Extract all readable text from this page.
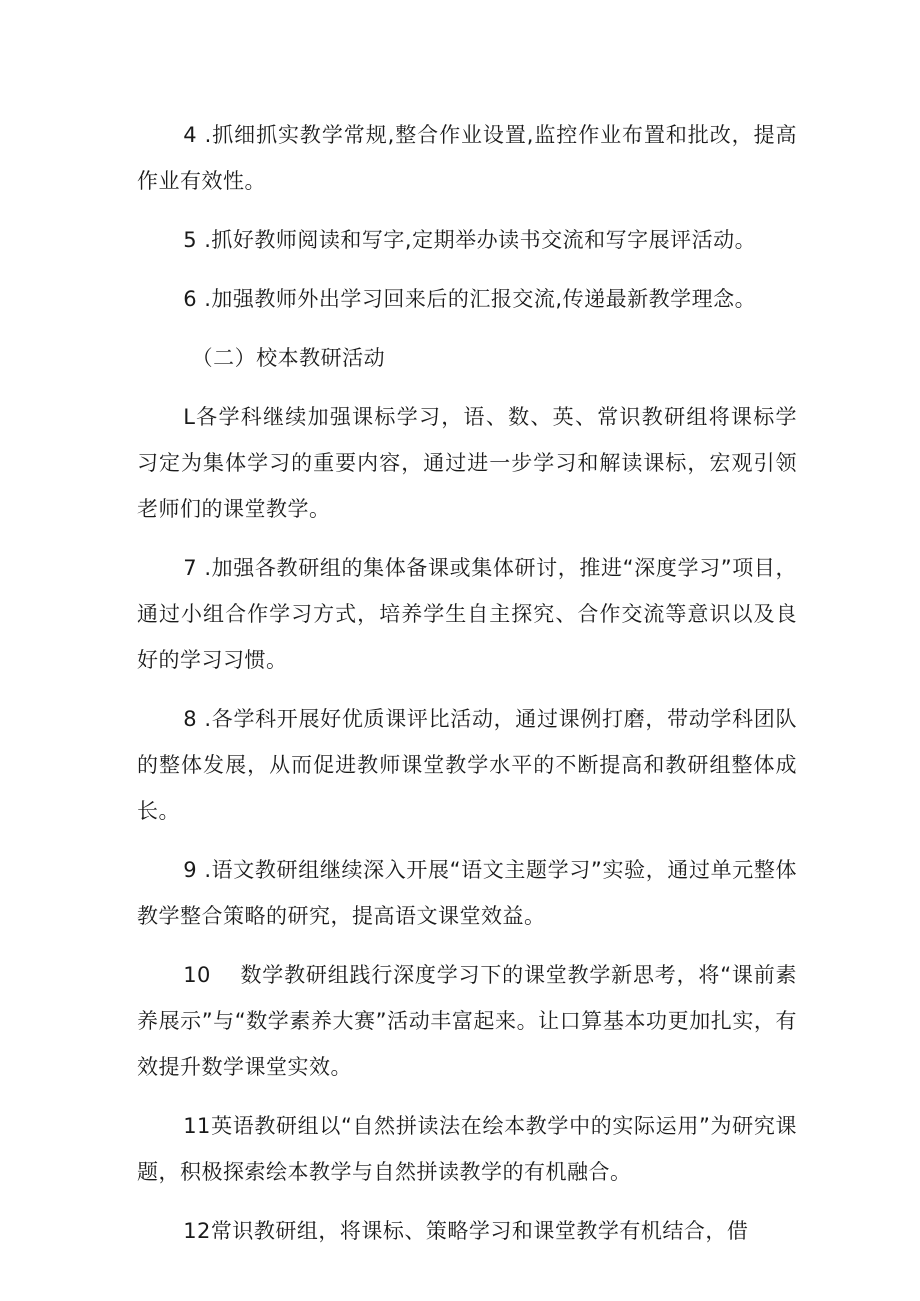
4 .抓细抓实教学常规,整合作业设置,监控作业布置和批改，提高作业有效性。

5 .抓好教师阅读和写字,定期举办读书交流和写字展评活动。

6 .加强教师外出学习回来后的汇报交流,传递最新教学理念。

（二）校本教研活动

L各学科继续加强课标学习，语、数、英、常识教研组将课标学习定为集体学习的重要内容，通过进一步学习和解读课标，宏观引领老师们的课堂教学。

7 .加强各教研组的集体备课或集体研讨，推进“深度学习”项目，通过小组合作学习方式，培养学生自主探究、合作交流等意识以及良好的学习习惯。

8 .各学科开展好优质课评比活动，通过课例打磨，带动学科团队的整体发展，从而促进教师课堂教学水平的不断提高和教研组整体成长。

9 .语文教研组继续深入开展“语文主题学习”实验，通过单元整体教学整合策略的研究，提高语文课堂效益。

10　 数学教研组践行深度学习下的课堂教学新思考，将“课前素养展示”与“数学素养大赛”活动丰富起来。让口算基本功更加扎实，有效提升数学课堂实效。

11英语教研组以“自然拼读法在绘本教学中的实际运用”为研究课题，积极探索绘本教学与自然拼读教学的有机融合。

12常识教研组，将课标、策略学习和课堂教学有机结合，借
